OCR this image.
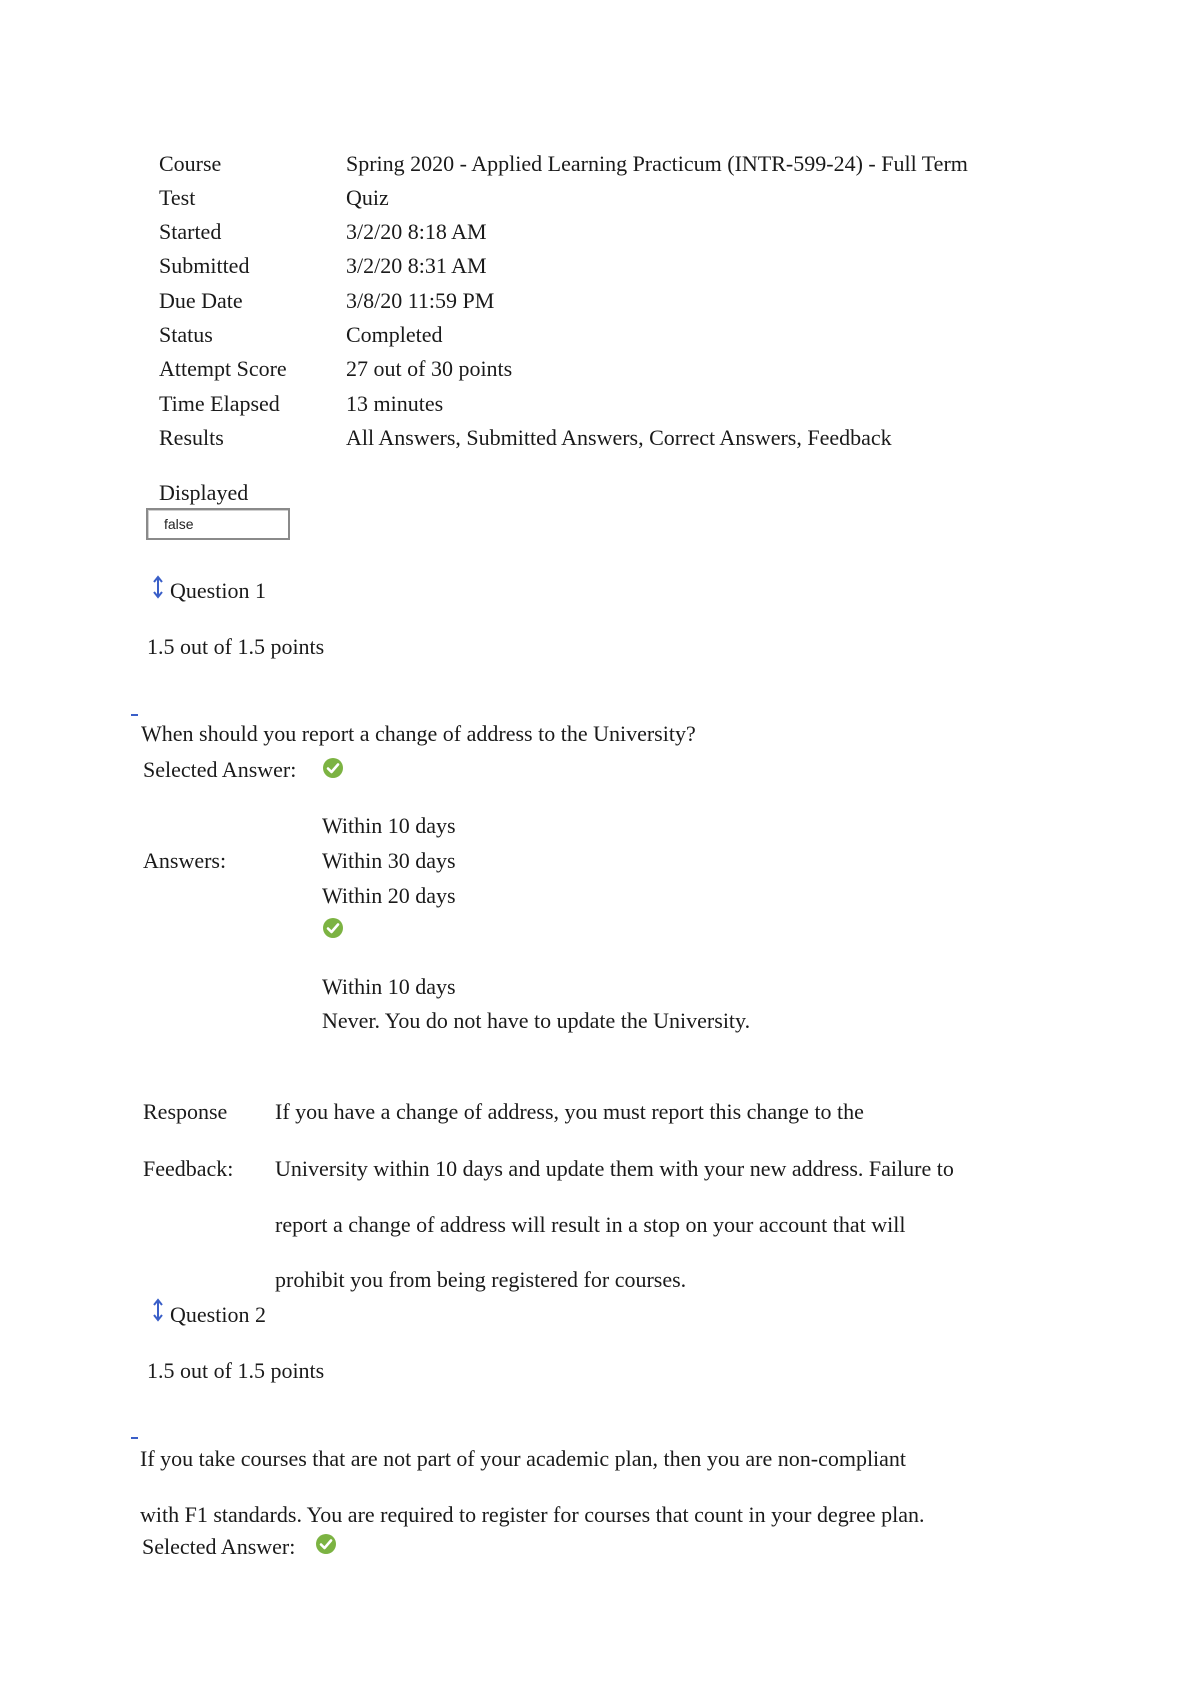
Course	Spring 2020 - Applied Learning Practicum (INTR-599-24) - Full Term
Test	Quiz
Started	3/2/20 8:18 AM
Submitted	3/2/20 8:31 AM
Due Date	3/8/20 11:59 PM
Status	Completed
Attempt Score	27 out of 30 points
Time Elapsed	13 minutes
Results	All Answers, Submitted Answers, Correct Answers, Feedback
Displayed
false
Question 1
1.5 out of 1.5 points
When should you report a change of address to the University?
Selected Answer:
Answers:
Within 10 days
Within 30 days
Within 20 days
Within 10 days
Never. You do not have to update the University.
Response
Feedback:
If you have a change of address, you must report this change to the
University within 10 days and update them with your new address. Failure to
report a change of address will result in a stop on your account that will
prohibit you from being registered for courses.
Question 2
1.5 out of 1.5 points
If you take courses that are not part of your academic plan, then you are non-compliant
with F1 standards. You are required to register for courses that count in your degree plan.
Selected Answer:
